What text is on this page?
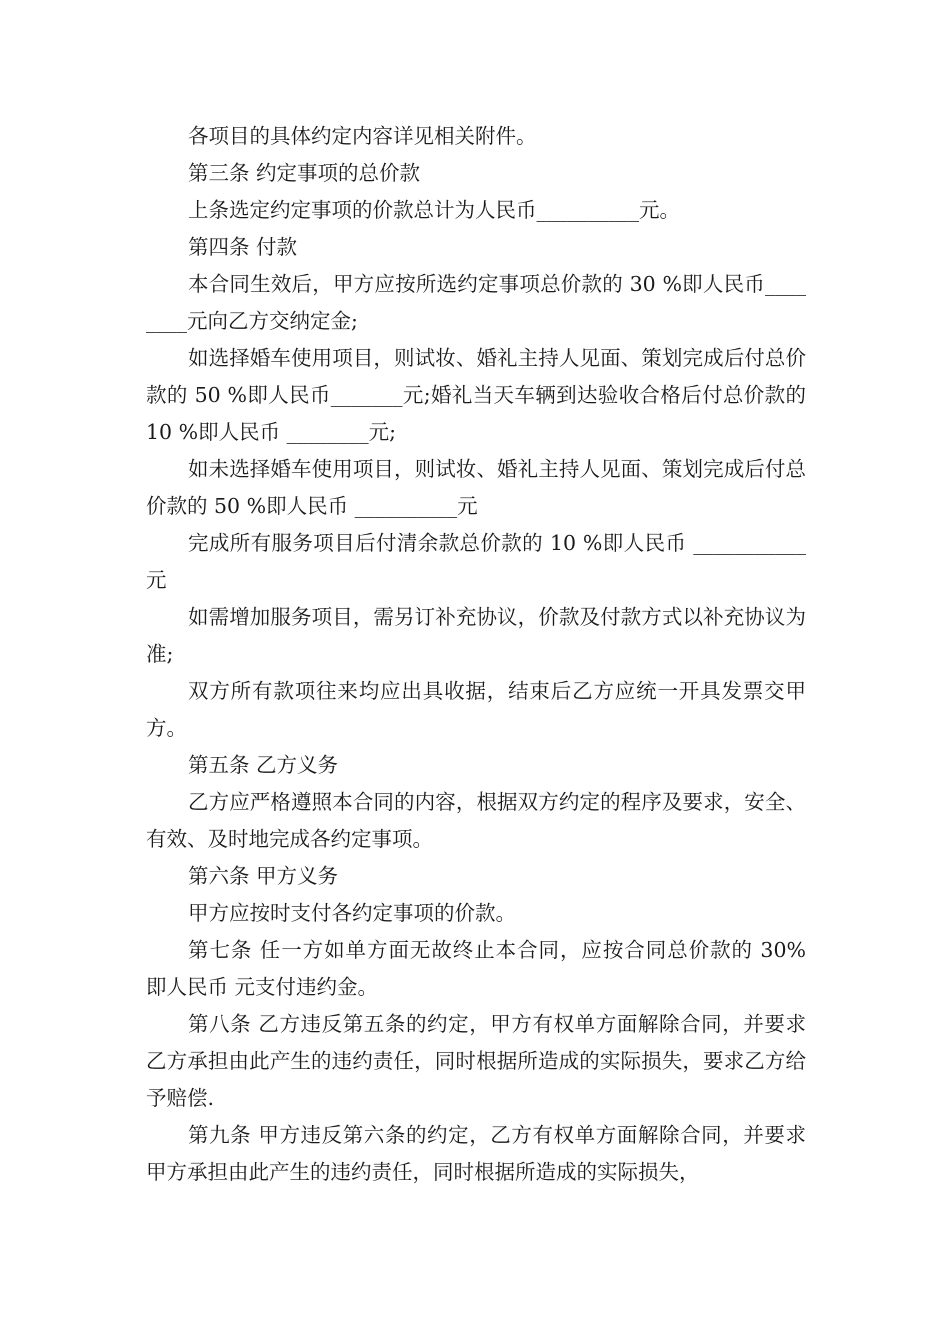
各项目的具体约定内容详见相关附件。

第三条 约定事项的总价款

上条选定约定事项的价款总计为人民币__________元。

第四条 付款

本合同生效后，甲方应按所选约定事项总价款的 30 %即人民币________元向乙方交纳定金;

如选择婚车使用项目，则试妆、婚礼主持人见面、策划完成后付总价款的 50 %即人民币_______元;婚礼当天车辆到达验收合格后付总价款的 10 %即人民币 ________元;

如未选择婚车使用项目，则试妆、婚礼主持人见面、策划完成后付总价款的 50 %即人民币 __________元

完成所有服务项目后付清余款总价款的 10 %即人民币 ___________元

如需增加服务项目，需另订补充协议，价款及付款方式以补充协议为准;

双方所有款项往来均应出具收据，结束后乙方应统一开具发票交甲方。

第五条 乙方义务

乙方应严格遵照本合同的内容，根据双方约定的程序及要求，安全、有效、及时地完成各约定事项。

第六条 甲方义务

甲方应按时支付各约定事项的价款。

第七条 任一方如单方面无故终止本合同，应按合同总价款的 30% 即人民币 元支付违约金。

第八条 乙方违反第五条的约定，甲方有权单方面解除合同，并要求乙方承担由此产生的违约责任，同时根据所造成的实际损失，要求乙方给予赔偿.

第九条 甲方违反第六条的约定，乙方有权单方面解除合同，并要求甲方承担由此产生的违约责任，同时根据所造成的实际损失，
